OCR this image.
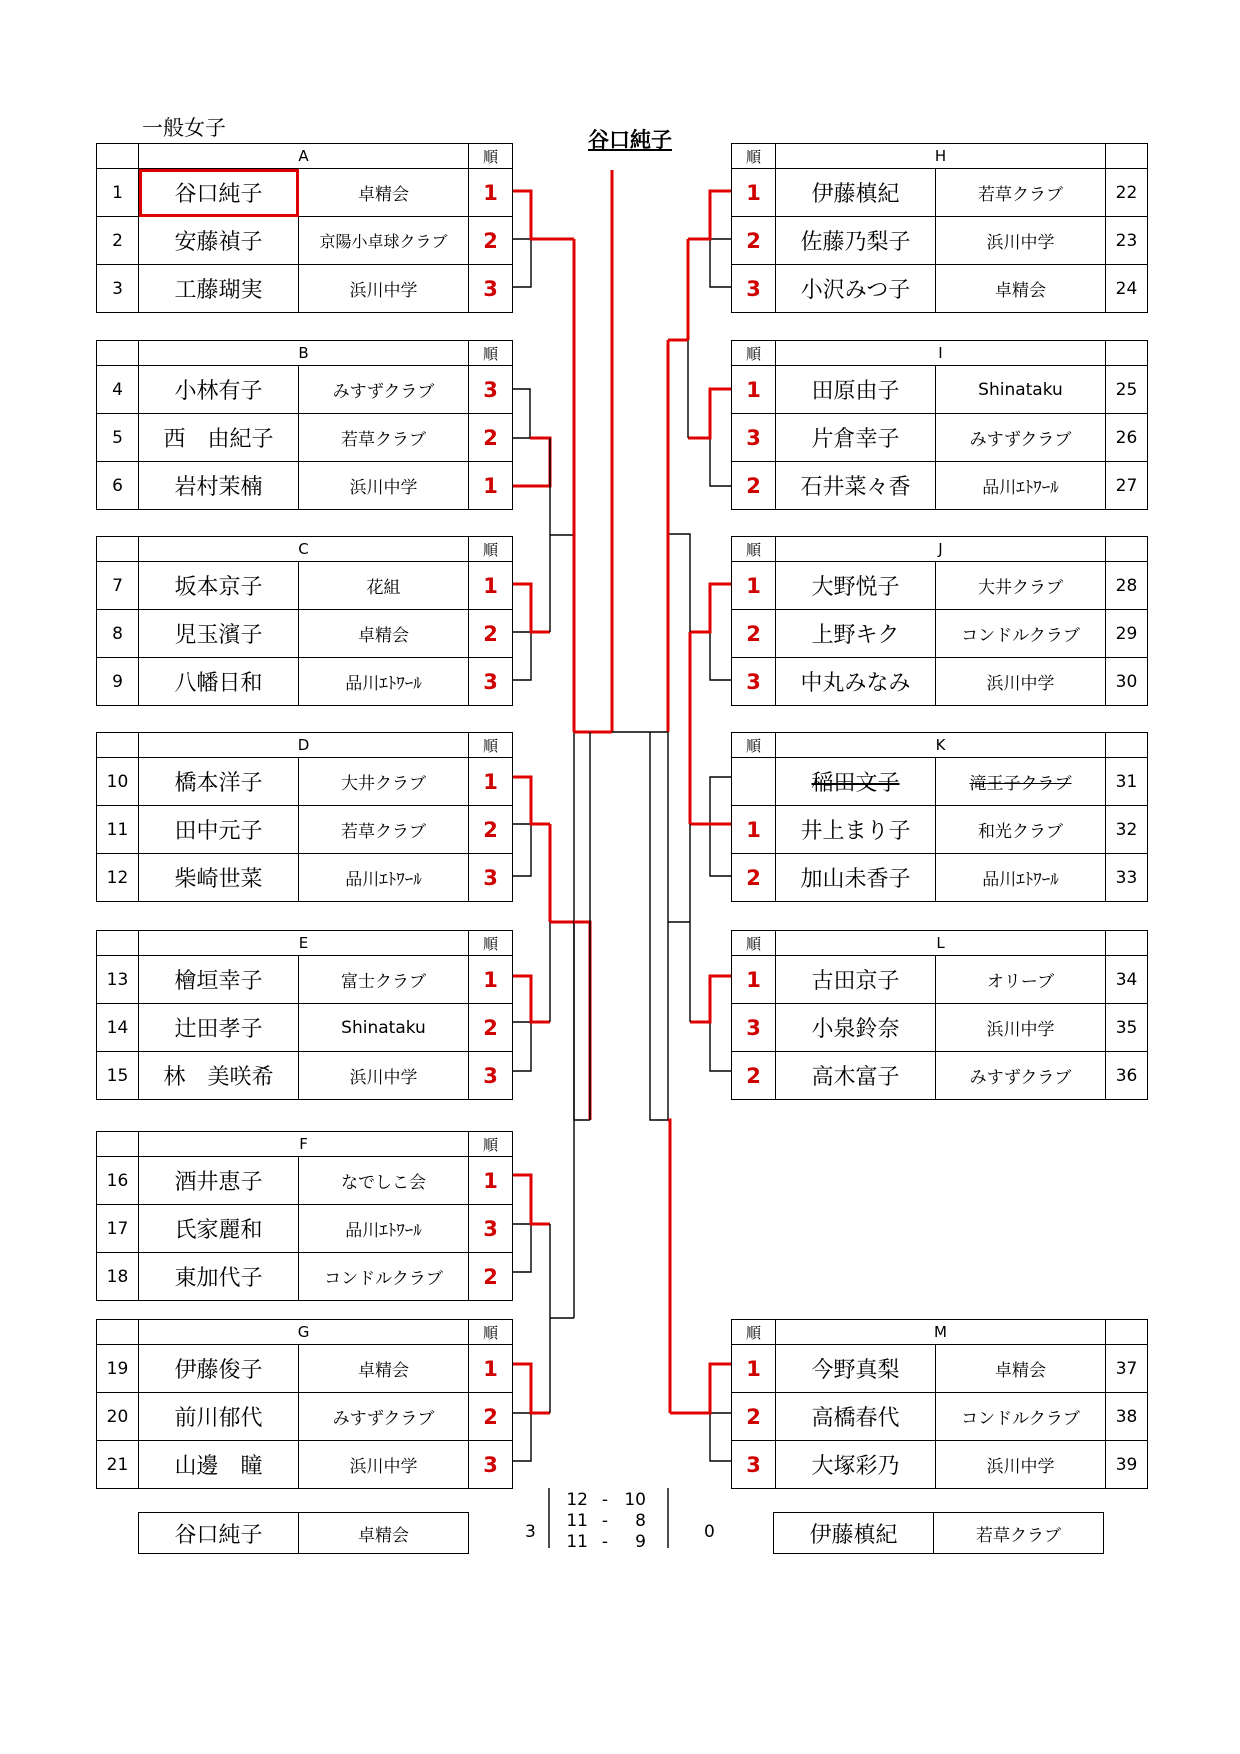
一般女子	谷口純子
	A		順
1	谷口純子	卓精会	1
2	安藤禎子	京陽小卓球クラブ	2
3	工藤瑚実	浜川中学	3
	B		順
4	小林有子	みすずクラブ	3
5	西　由紀子	若草クラブ	2
6	岩村茉楠	浜川中学	1
	C		順
7	坂本京子	花組	1
8	児玉濱子	卓精会	2
9	八幡日和	品川ｴﾄﾜｰﾙ	3
	D		順
10	橋本洋子	大井クラブ	1
11	田中元子	若草クラブ	2
12	柴崎世菜	品川ｴﾄﾜｰﾙ	3
	E		順
13	檜垣幸子	富士クラブ	1
14	辻田孝子	Shinataku	2
15	林　美咲希	浜川中学	3
	F		順
16	酒井恵子	なでしこ会	1
17	氏家麗和	品川ｴﾄﾜｰﾙ	3
18	東加代子	コンドルクラブ	2
	G		順
19	伊藤俊子	卓精会	1
20	前川郁代	みすずクラブ	2
21	山邊　瞳	浜川中学	3
順	H		
1	伊藤槙紀	若草クラブ	22
2	佐藤乃梨子	浜川中学	23
3	小沢みつ子	卓精会	24
順	I		
1	田原由子	Shinataku	25
3	片倉幸子	みすずクラブ	26
2	石井菜々香	品川ｴﾄﾜｰﾙ	27
順	J		
1	大野悦子	大井クラブ	28
2	上野キク	コンドルクラブ	29
3	中丸みなみ	浜川中学	30
順	K		
	稲田文子	滝王子クラブ	31
1	井上まり子	和光クラブ	32
2	加山未香子	品川ｴﾄﾜｰﾙ	33
順	L		
1	古田京子	オリーブ	34
3	小泉鈴奈	浜川中学	35
2	高木富子	みすずクラブ	36
順	M		
1	今野真梨	卓精会	37
2	高橋春代	コンドルクラブ	38
3	大塚彩乃	浜川中学	39
谷口純子	卓精会	伊藤槙紀	若草クラブ
3	0
12 - 10
11 -	8
11 -	9
